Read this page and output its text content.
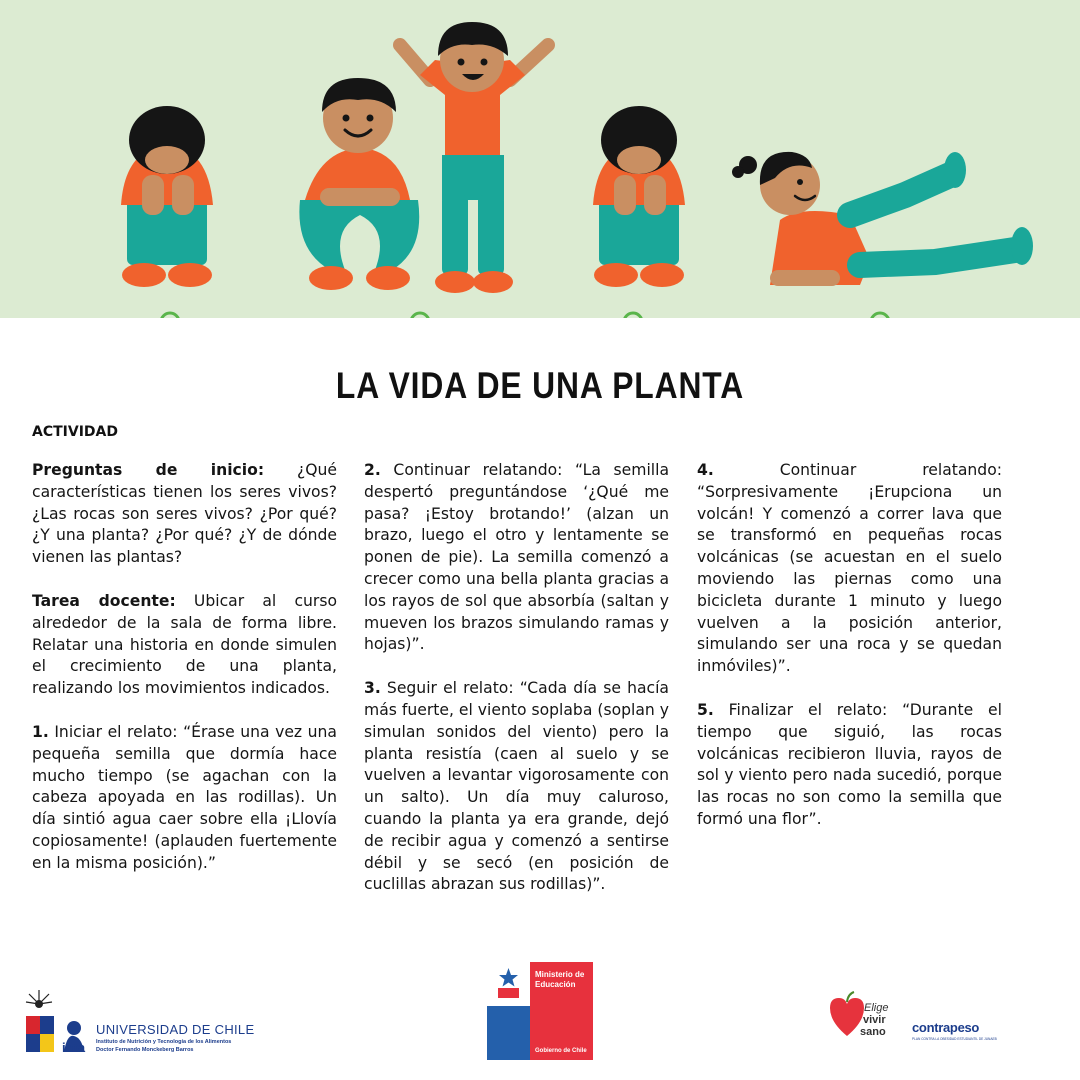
LA VIDA DE UNA PLANTA
ACTIVIDAD

Preguntas de inicio: ¿Qué características tienen los seres vivos? ¿Las rocas son seres vivos? ¿Por qué? ¿Y una planta? ¿Por qué? ¿Y de dónde vienen las plantas?

Tarea docente: Ubicar al curso alrededor de la sala de forma libre. Relatar una historia en donde simulen el crecimiento de una planta, realizando los movimientos indicados.

1. Iniciar el relato: “Érase una vez una pequeña semilla que dormía hace mucho tiempo (se agachan con la cabeza apoyada en las rodillas). Un día sintió agua caer sobre ella ¡Llovía copiosamente! (aplauden fuertemente en la misma posición).”

2. Continuar relatando: “La semilla despertó preguntándose ‘¿Qué me pasa? ¡Estoy brotando!’ (alzan un brazo, luego el otro y lentamente se ponen de pie). La semilla comenzó a crecer como una bella planta gracias a los rayos de sol que absorbía (saltan y mueven los brazos simulando ramas y hojas)”.

3. Seguir el relato: “Cada día se hacía más fuerte, el viento soplaba (soplan y simulan sonidos del viento) pero la planta resistía (caen al suelo y se vuelven a levantar vigorosamente con un salto). Un día muy caluroso, cuando la planta ya era grande, dejó de recibir agua y comenzó a sentirse débil y se secó (en posición de cuclillas abrazan sus rodillas)”.

4. Continuar relatando: “Sorpresivamente ¡Erupciona un volcán! Y comenzó a correr lava que se transformó en pequeñas rocas volcánicas (se acuestan en el suelo moviendo las piernas como una bicicleta durante 1 minuto y luego vuelven a la posición anterior, simulando ser una roca y se quedan inmóviles)”.

5. Finalizar el relato: “Durante el tiempo que siguió, las rocas volcánicas recibieron lluvia, rayos de sol y viento pero nada sucedió, porque las rocas no son como la semilla que formó una flor”.

UNIVERSIDAD DE CHILE
inta Instituto de Nutrición y Tecnología de los Alimentos
Doctor Fernando Monckeberg Barros
Ministerio de
Educación
Gobierno de Chile
Elige
vivir
sano contrapeso
PLAN CONTRA LA OBESIDAD ESTUDIANTIL DE JUNAEB
